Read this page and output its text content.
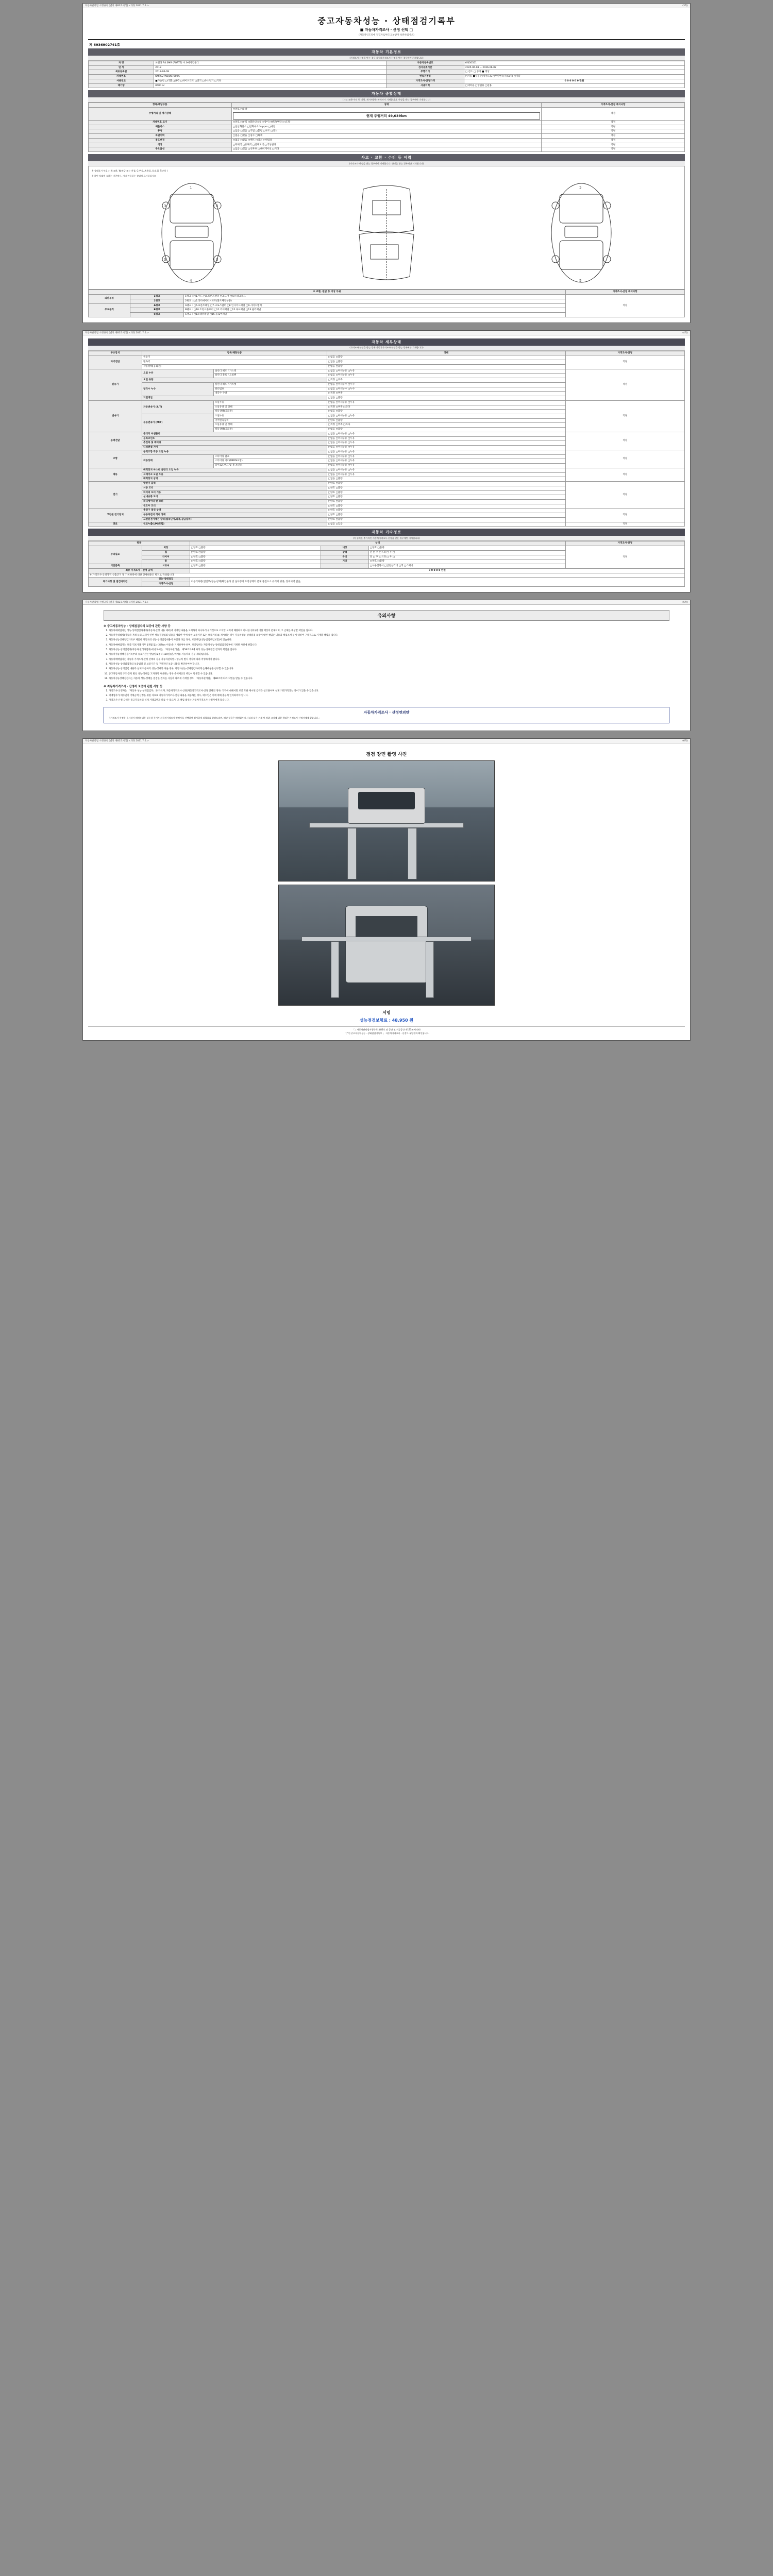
자동차관리법 시행규칙 [별지 제82호서식] <개정 2021.7.6.>	(3쪽)
중고자동차성능 · 상태점검기록부
■ 자동차가격조사 · 산정 선택 □
(자동차인도일에 점검자로부터 교부받아 보관하십시오)
제 6936902741호
자동차 기본정보
(가격조사·산정을 받는 경우 자동차가격조사·산정을 받는 경우에만 기재합니다)
차 명	쏘렌타 R4.0MR (FORTE) 시.0에어컨을 1	자동차등록번호	6하50351
연 식	2018	검사유효기간	2025-06-08 ~ 2026-06-07
최초등록일	2018-06-09	주행거리	□ 감소 □ 증가 ■ 정상
차대번호	KMFC27ABJU57009A	변속기종류	□자동 ■수동 □세미오토 □무단변속기(CVT) □기타
사용연료	■가솔린 □디젤 □LPG □하이브리드 □전기 □수소전기 □기타	가격조사·산정가액	0 0 0 0 0 0 만원
배기량	0400 cc	사용이력	□대여용 □영업용 □관용
자동차 종합상태
(사고·교환·수리 등 이력, 제시사항은 판매자가 기재합니다. 산정을 받는 경우에만 기재합니다)
항목/해당부품	상태	가격조사·산정 특이사항
주행거리 및 계기상태	□양호 □불량
현재 주행거리 49,039km	적정
차대번호 표기	□양호 □부식 □훼손(오손) □상이 □변조(변타) □도말	적정
배출가스	□일산화탄소 □탄화수소 % ppm □매연	적정
튜닝	□없음 □있음 □적법 □불법 □구조 □장치	적정
특별이력	□없음 □있음 □침수 □화재	적정
용도변경	□없음 □있음 □렌트 □리스 □영업용	적정
색상	□무채색 □유채색 □전체도색 □색상변경	적정
주요옵션	□없음 □있음 □선루프 □내비게이션 □기타	적정
사고 · 교환 · 수리 등 이력
(가격조사·산정을 받는 경우에만 기재합니다. 산정을 받는 경우에만 기재합니다)
※ 상태표시 부호 : ( X:교환, W:판금 또는 용접, C:부식, A:흠집, U:요철, T:손상 )
※ 하단 상태에 속하는 기준에서, 기타 판독하는 상태에 표시하십시오
3	3
3	3
1
4
2
5
※ 교환, 판금 등 이상 부위			가격조사·산정 특이사항
외판부위	1랭크	1랭크 : □1.후드 □2.프론트펜더 □3.도어 □4.트렁크리드	적정
	2랭크	2랭크 : □5.라디에이터서포트(볼트체결부품)	
주요골격	A랭크	A랭크 : □6.프론트패널 □7.크로스멤버 □8.인사이드패널 □9.사이드멤버	
	B랭크	B랭크 : □10.트렁크플로어 □11.리어패널 □12.루프패널 □13.필러패널	
	C랭크	C랭크 : □14.대쉬패널 □15.플로어패널	
자동차관리법 시행규칙 [별지 제82호서식] <개정 2021.7.6.>	(4쪽)
자동차 세부상태
(가격조사·산정을 받는 경우 자동차가격조사·산정을 받는 경우에만 기재합니다)
주요장치	항목/해당부품		상태	가격조사·산정
자기진단	원동기		□없음 □불량	적정
	변속기		□없음 □불량	
	작동상태(공회전)		□없음 □불량	
원동기	오일 누유	실린더 헤드 / 가스켓	□없음 □미세누유 □누유	적정
		실린더 블록 / 오일팬	□없음 □미세누유 □누유	
	오일 유량		□적정 □부족	
	냉각수 누수	실린더 헤드 / 가스켓	□없음 □미세누수 □누수	
		워터펌프	□없음 □미세누수 □누수	
		냉각수 수량	□적정 □부족	
	커먼레일		□없음 □불량	
변속기	자동변속기 (A/T)	오일누유	□없음 □미세누유 □누유	적정
		오일유량 및 상태	□적정 □부족 □과다	
		작동상태(공회전)	□없음 □불량	
	수동변속기 (M/T)	오일누유	□없음 □미세누유 □누유	
		기어변속장치	□양호 □불량	
		오일유량 및 상태	□적정 □부족 □과다	
		작동상태(공회전)	□없음 □불량	
동력전달	클러치 어셈블리		□없음 □미세누유 □누유	적정
	등속조인트		□없음 □미세누유 □누유	
	추진축 및 베어링		□없음 □미세누유 □누유	
	디퍼렌셜 기어		□없음 □미세누유 □누유	
조향	동력조향 작동 오일 누유		□없음 □미세누유 □누유	적정
	작동상태	스티어링 펌프	□없음 □미세누유 □누유	
		스티어링 기어(MDPS포함)	□없음 □미세누유 □누유	
		타이로드엔드 및 볼 조인트	□없음 □미세누유 □누유	
제동	배력장치 마스터 실린더 오일 누유		□없음 □미세누유 □누유	적정
	브레이크 오일 누유		□없음 □미세누유 □누유	
	배력장치 상태		□없음 □불량	
전기	발전기 출력		□양호 □불량	적정
	시동 모터		□양호 □불량	
	와이퍼 모터 기능		□양호 □불량	
	실내송풍 모터		□양호 □불량	
	라디에이터 팬 모터		□양호 □불량	
	윈도우 모터		□양호 □불량	
고전원 전기장치	충전구 절연 상태		□양호 □불량	적정
	구동축전지 격리 상태		□양호 □불량	
	고전원전기배선 상태(접속단자,피복,잠금장치)		□양호 □불량	
연료	연료누출(LPG포함)		□없음 □있음	적정
자동차 기타정보
(이 항목은 추가적인 자동차가격조사·산정을 받는 경우에만 기재합니다)
항목		상태			가격조사·산정
수리필요	외장	□양호 □불량	내장	□양호 □불량	적정
	휠	□양호 □불량	광택	전 □ 후 □ / 좌 □ 우 □	
	타이어	□양호 □불량	유리	전 □ 후 □ / 좌 □ 우 □	
	룸	□양호 □불량	기타	□양호 □불량	
기본품목	브로셔	□양호 □불량		□사용설명서 □안전삼각대 □잭 □스패너	
최종 가격조사 · 산정 금액		0 0 0 0 0 만원			
※ 가격조사·산정가격 산출근거 및 가치하락에 대한 상세내용은 별지로 작성됩니다					
특기사항 및 점검자의견	성능·상태점검	비공식차량(엔진부/성능/상태)확인불가 및 실차량의 도장상태의 문제 품질요소 유기지 당종, 장비이력 없음,			
	가격조사·산정				
자동차관리법 시행규칙 [별지 제82호서식] <개정 2021.7.6.>	(5쪽)
유의사항
※ 중고자동차성능 · 상태점검자의 보증에 관한 사항 등
1. 자동차매매업자는 성능·상태점검자에게(자동차·산정 내용 제외)에 기재된 내용을 고지하지 아니하거나 거짓으로 고지할(고지에 해당하지 아니한 경우)에 대한 배상의 문제이며, 그 손해를 배상할 책임을 집니다.
2. 자동차관리법령(자동차 거래 등의 고객이 인한 성능점검업의 내용을 제외한 이에 대한 보증기간 또는 보증거리)를 제시하는 경우 자동차성능·상태점검 보증에 대한 책임은 내용과 책임소재 등에 대하여 구체적으로 기재할 책임을 집니다.
3. 자동차성능상태점검기록부 제출한 자동차의 성능·상태점검내용이 사실과 다를 경우, 보증책임(성능점검책임보험)이 있습니다.
4. 자동차매매업자는 보증기간(거래 이후 1개월 또는 2천km 이상)을 기재하여야 하며, 보증범위는 자동차성능·상태점검기록부에 기재된 사항에 한합니다.
5. 자동차성능·상태점검자(자동차 관리사업자)에 관하여는 「자동차관리법」 제58조의4에 따라 성능·상태점검 결과의 책임을 집니다.
6. 자동차성능상태점검기록부의 유효기간은 발급일로부터 120일(단, 매매용 자동차의 경우 제외)입니다.
7. 자동차매매업자는 자동차 가격조사·산정 선택의 경우 자동차관리법시행규칙 별지 서식에 따라 작성하여야 합니다.
8. 자동차성능·상태점검자의 보증범위 및 보증기간 등 구체적인 보증 내용을 확인하여야 합니다.
9. 자동차성능·상태점검 내용과 실제 자동차의 성능·상태가 다른 경우, 자동차성능·상태점검자에게 손해배상을 청구할 수 있습니다.
10. 중고자동차의 구조·장치 별로 성능·상태를 고지하지 아니하는 경우 손해배상의 책임이 발생할 수 있습니다.
11. 자동차성능상태점검자는 자동차 성능·상태를 점검한 결과를 사실과 다르게 기재한 경우 「자동차관리법」 제80조에 따라 처벌을 받을 수 있습니다.
※ 자동차가격조사 · 산정자 보증에 관한 사항 등
1. 가격조사·산정자는 「자동차 성능·상태점검자」와 다르며, 자동차가격조사·산정(자동차가격조사·산정 선택의 경우) 가격에 대해서만 보증 도한 제시된 금액은 참고용이며 실제 거래가격과는 차이가 있을 수 있습니다.
2. 매매업자가 매수인이 거래금액 산정을 위한 자료로 자동차가격조사·산정 내용을 제공하는 경우, 매수인은 이에 대해 충분히 인지하여야 합니다.
3. 가격조사·산정 금액은 중고자동차의 실제 거래금액과 다를 수 있으며, 그 책임 범위는 자동차가격조사·산정자에게 있습니다.
자동차가격조사 · 산정연의안
「가격조사·산정한 上시각기 매매부대용 성능상 주기사 자동차가격조사·산정자를 선택하여 실시하게 되었음을 알려드리며, 해당 항목은 매매업자의 사실과 다른 기재 및 허위 고지에 대한 책임은 가격조사·산정자에게 있습니다.」
자동차관리법 시행규칙 [별지 제82호서식] <개정 2021.7.6.>	(6쪽)
점검 장면 촬영 사진
서명
성능점검보험료 : 48,950 원
「」자동차관리법시행규칙 제82호 및 공간 및 서류공간 제135조에 따라
「[ Y ] 중고자동차성능 · 상태점검기록부 」 자동차가격조사 · 산정 1 부양결과 확인합니다.
